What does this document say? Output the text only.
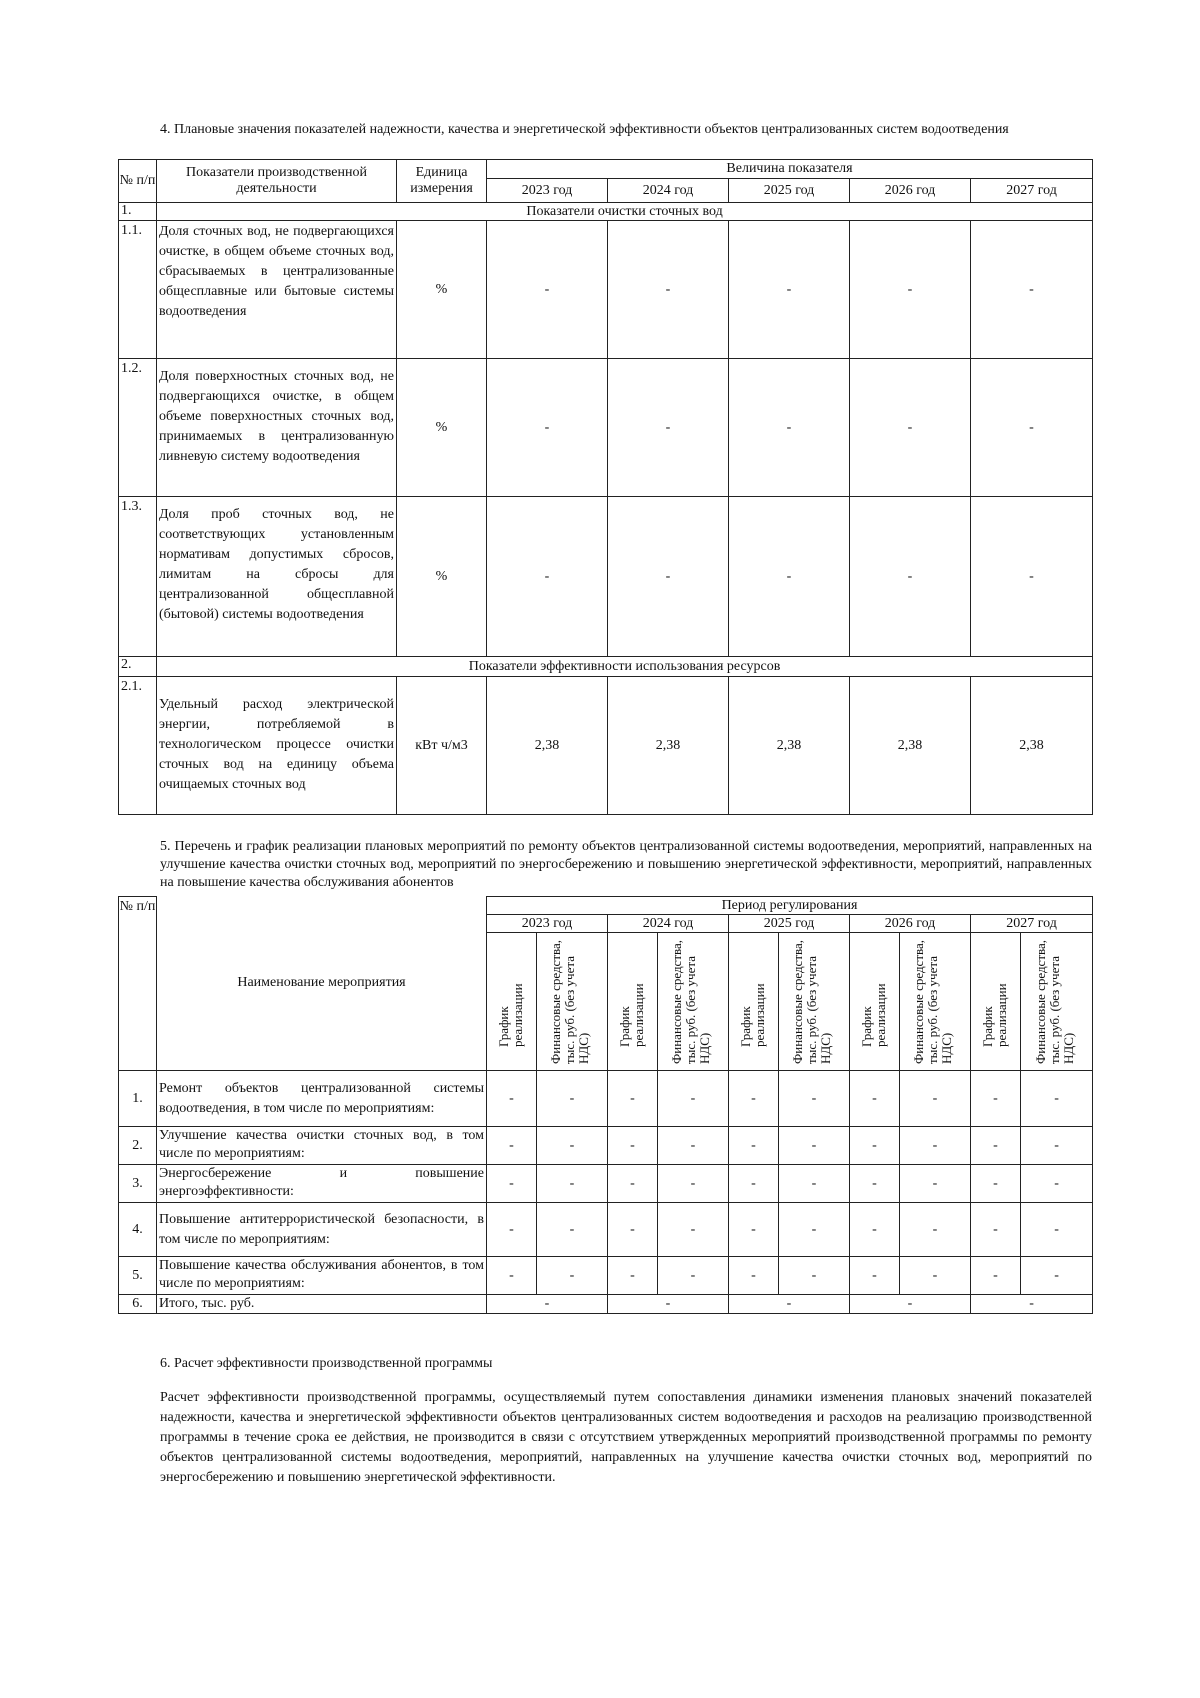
4. Плановые значения показателей надежности, качества и энергетической эффективности объектов централизованных систем водоотведения
№ п/п	Показатели производственной деятельности	Единица измерения	Величина показателя				
			2023 год	2024 год	2025 год	2026 год	2027 год
1.	Показатели очистки сточных вод						
1.1.	Доля сточных вод, не подвергающихся очистке, в общем объеме сточных вод, сбрасываемых в централизованные общесплавные или бытовые системы водоотведения	%	-	-	-	-	-
1.2.	Доля поверхностных сточных вод, не подвергающихся очистке, в общем объеме поверхностных сточных вод, принимаемых в централизованную ливневую систему водоотведения	%	-	-	-	-	-
1.3.	Доля проб сточных вод, не соответствующих установленным нормативам допустимых сбросов, лимитам на сбросы для централизованной общесплавной (бытовой) системы водоотведения	%	-	-	-	-	-
2.	Показатели эффективности использования ресурсов						
2.1.	Удельный расход электрической энергии, потребляемой в технологическом процессе очистки сточных вод на единицу объема очищаемых сточных вод	кВт ч/м3	2,38	2,38	2,38	2,38	2,38
5. Перечень и график реализации плановых мероприятий по ремонту объектов централизованной системы водоотведения, мероприятий, направленных на улучшение качества очистки сточных вод, мероприятий по энергосбережению и повышению энергетической эффективности, мероприятий, направленных на повышение качества обслуживания абонентов
№ п/п	Наименование мероприятия	Период регулирования									
		2023 год		2024 год		2025 год		2026 год		2027 год	

		График реализации	Финансовые средства, тыс. руб. (без учета НДС)	График реализации	Финансовые средства, тыс. руб. (без учета НДС)	График реализации	Финансовые средства, тыс. руб. (без учета НДС)	График реализации	Финансовые средства, тыс. руб. (без учета НДС)	График реализации	Финансовые средства, тыс. руб. (без учета НДС)

1.	Ремонт объектов централизованной системы водоотведения, в том числе по мероприятиям:	-	-	-	-	-	-	-	-	-	-
2.	Улучшение качества очистки сточных вод, в том числе по мероприятиям:	-	-	-	-	-	-	-	-	-	-
3.	Энергосбережение и повышение энергоэффективности:	-	-	-	-	-	-	-	-	-	-
4.	Повышение антитеррористической безопасности, в том числе по мероприятиям:	-	-	-	-	-	-	-	-	-	-
5.	Повышение качества обслуживания абонентов, в том числе по мероприятиям:	-	-	-	-	-	-	-	-	-	-
6.	Итого, тыс. руб.	-		-		-		-		-	
6. Расчет эффективности производственной программы
Расчет эффективности производственной программы, осуществляемый путем сопоставления динамики изменения плановых значений показателей надежности, качества и энергетической эффективности объектов централизованных систем водоотведения и расходов на реализацию производственной программы в течение срока ее действия, не производится в связи с отсутствием утвержденных мероприятий производственной программы по ремонту объектов централизованной системы водоотведения, мероприятий, направленных на улучшение качества очистки сточных вод, мероприятий по энергосбережению и повышению энергетической эффективности.
